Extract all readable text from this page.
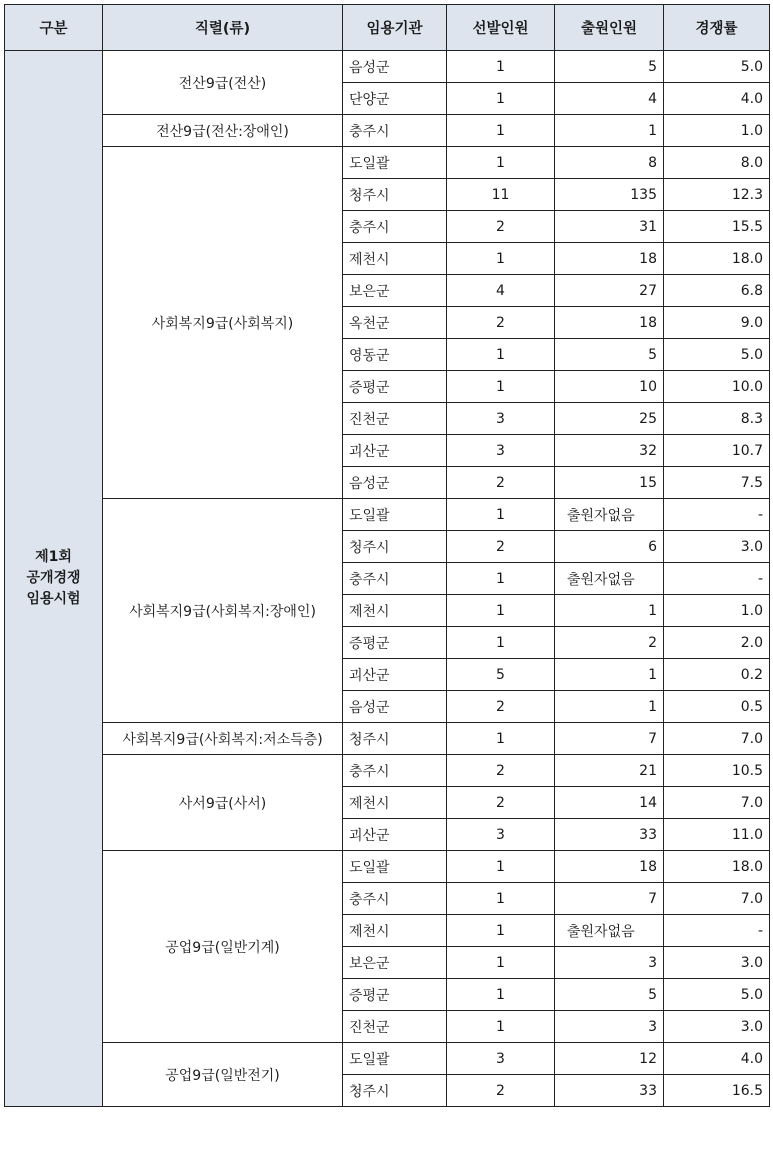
구분	직렬(류)	임용기관	선발인원	출원인원	경쟁률

제1회
공개경쟁
임용시험	전산9급(전산)	음성군	1	5	5.0
		단양군	1	4	4.0
	전산9급(전산:장애인)	충주시	1	1	1.0
	사회복지9급(사회복지)	도일괄	1	8	8.0
		청주시	11	135	12.3
		충주시	2	31	15.5
		제천시	1	18	18.0
		보은군	4	27	6.8
		옥천군	2	18	9.0
		영동군	1	5	5.0
		증평군	1	10	10.0
		진천군	3	25	8.3
		괴산군	3	32	10.7
		음성군	2	15	7.5
	사회복지9급(사회복지:장애인)	도일괄	1	출원자없음	-
		청주시	2	6	3.0
		충주시	1	출원자없음	-
		제천시	1	1	1.0
		증평군	1	2	2.0
		괴산군	5	1	0.2
		음성군	2	1	0.5
	사회복지9급(사회복지:저소득층)	청주시	1	7	7.0
	사서9급(사서)	충주시	2	21	10.5
		제천시	2	14	7.0
		괴산군	3	33	11.0
	공업9급(일반기계)	도일괄	1	18	18.0
		충주시	1	7	7.0
		제천시	1	출원자없음	-
		보은군	1	3	3.0
		증평군	1	5	5.0
		진천군	1	3	3.0
	공업9급(일반전기)	도일괄	3	12	4.0
		청주시	2	33	16.5
